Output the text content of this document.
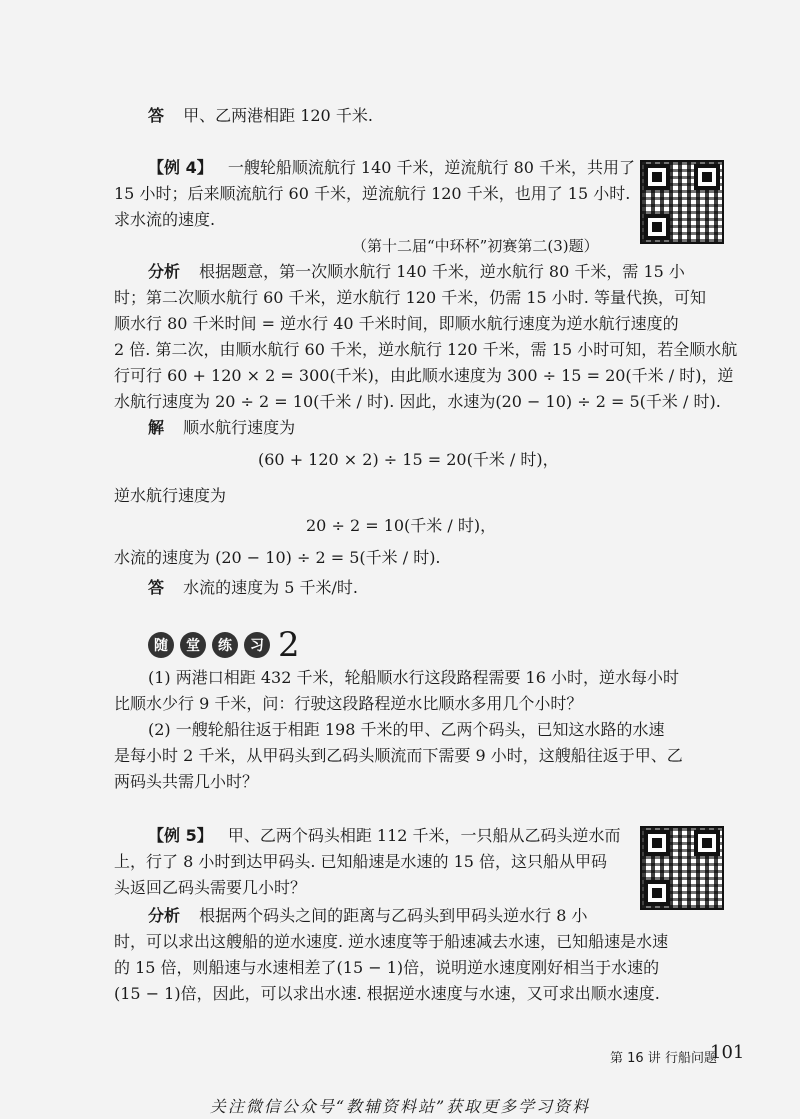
答 甲、乙两港相距 120 千米.
【例 4】 一艘轮船顺流航行 140 千米，逆流航行 80 千米，共用了
15 小时；后来顺流航行 60 千米，逆流航行 120 千米，也用了 15 小时.
求水流的速度.
（第十二届“中环杯”初赛第二(3)题）
分析 根据题意，第一次顺水航行 140 千米，逆水航行 80 千米，需 15 小
时；第二次顺水航行 60 千米，逆水航行 120 千米，仍需 15 小时. 等量代换，可知
顺水行 80 千米时间 = 逆水行 40 千米时间，即顺水航行速度为逆水航行速度的
2 倍. 第二次，由顺水航行 60 千米，逆水航行 120 千米，需 15 小时可知，若全顺水航
行可行 60 + 120 × 2 = 300(千米)，由此顺水速度为 300 ÷ 15 = 20(千米 / 时)，逆
水航行速度为 20 ÷ 2 = 10(千米 / 时). 因此，水速为(20 − 10) ÷ 2 = 5(千米 / 时).
解 顺水航行速度为
(60 + 120 × 2) ÷ 15 = 20(千米 / 时)，
逆水航行速度为
20 ÷ 2 = 10(千米 / 时)，
水流的速度为 (20 − 10) ÷ 2 = 5(千米 / 时).
答 水流的速度为 5 千米/时.
随	堂	练	习 2
(1) 两港口相距 432 千米，轮船顺水行这段路程需要 16 小时，逆水每小时
比顺水少行 9 千米，问：行驶这段路程逆水比顺水多用几个小时？
(2) 一艘轮船往返于相距 198 千米的甲、乙两个码头，已知这水路的水速
是每小时 2 千米，从甲码头到乙码头顺流而下需要 9 小时，这艘船往返于甲、乙
两码头共需几小时？
【例 5】 甲、乙两个码头相距 112 千米，一只船从乙码头逆水而
上，行了 8 小时到达甲码头. 已知船速是水速的 15 倍，这只船从甲码
头返回乙码头需要几小时？
分析 根据两个码头之间的距离与乙码头到甲码头逆水行 8 小
时，可以求出这艘船的逆水速度. 逆水速度等于船速减去水速，已知船速是水速
的 15 倍，则船速与水速相差了(15 − 1)倍，说明逆水速度刚好相当于水速的
(15 − 1)倍，因此，可以求出水速. 根据逆水速度与水速，又可求出顺水速度.
第 16 讲 行船问题
101
关注微信公众号“教辅资料站”获取更多学习资料
